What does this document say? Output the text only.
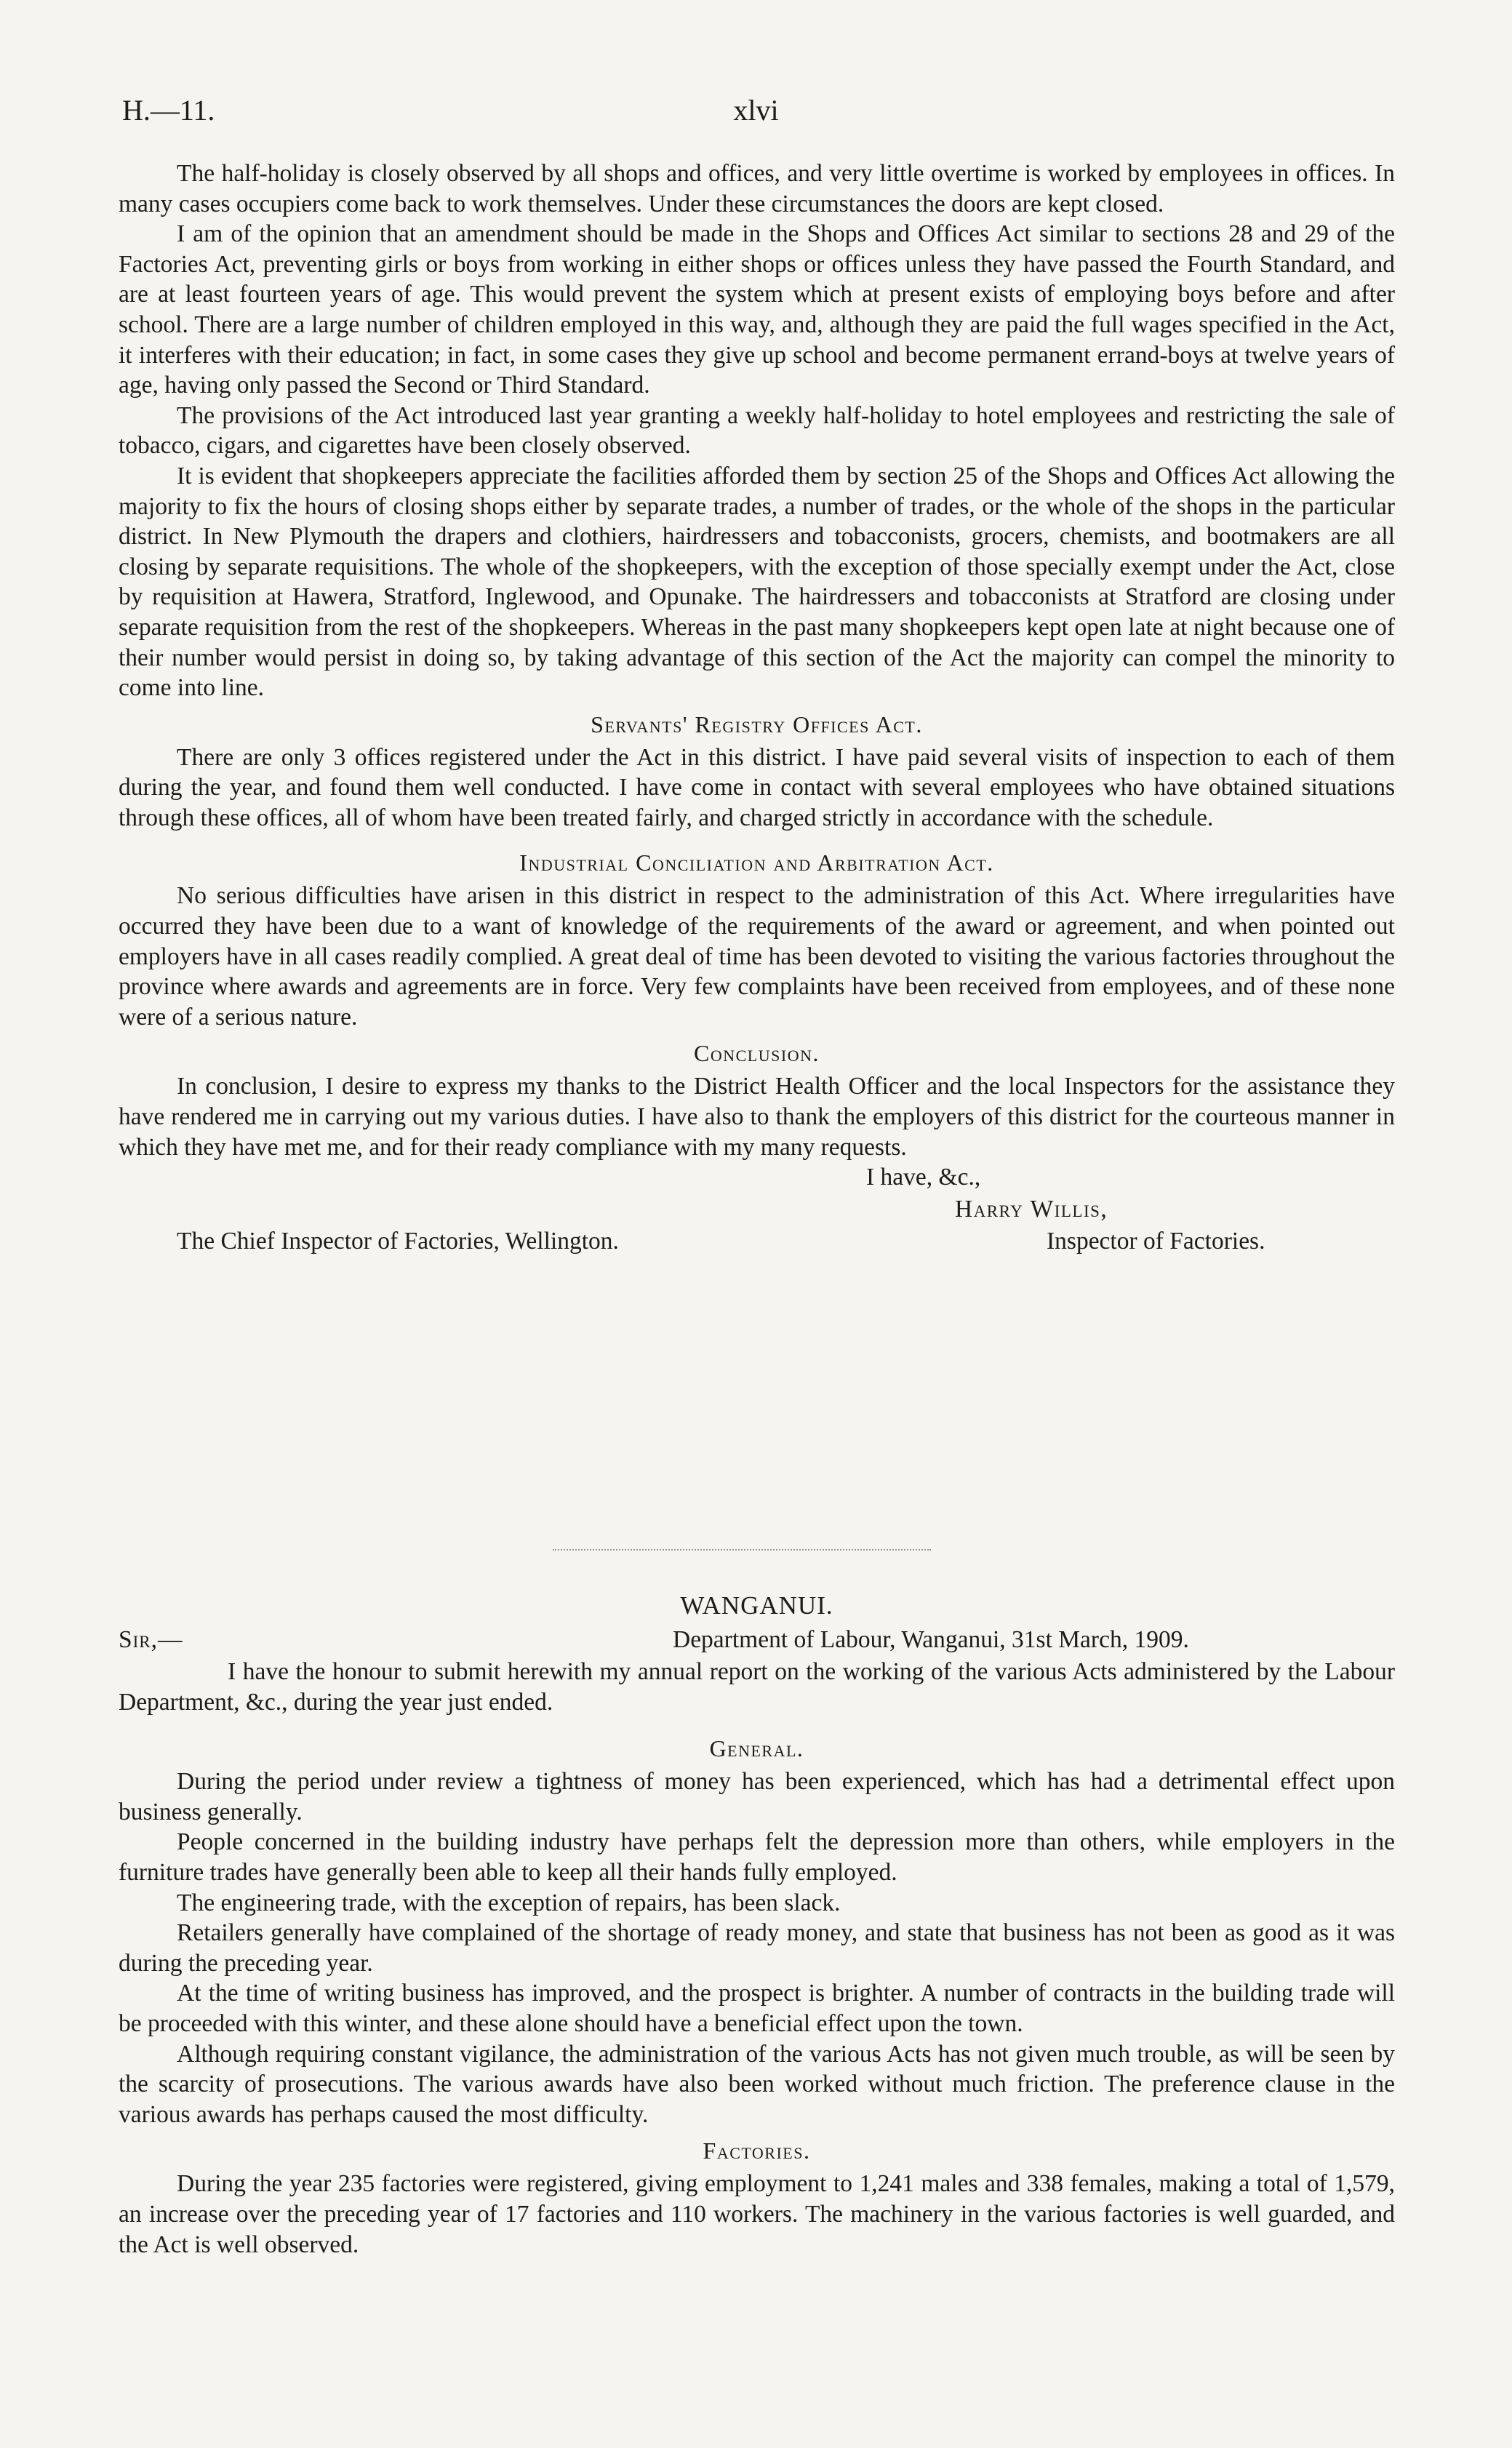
H.—11.	xlvi

The half-holiday is closely observed by all shops and offices, and very little overtime is worked by employees in offices. In many cases occupiers come back to work themselves. Under these circumstances the doors are kept closed.

I am of the opinion that an amendment should be made in the Shops and Offices Act similar to sections 28 and 29 of the Factories Act, preventing girls or boys from working in either shops or offices unless they have passed the Fourth Standard, and are at least fourteen years of age. This would prevent the system which at present exists of employing boys before and after school. There are a large number of children employed in this way, and, although they are paid the full wages specified in the Act, it interferes with their education; in fact, in some cases they give up school and become permanent errand-boys at twelve years of age, having only passed the Second or Third Standard.

The provisions of the Act introduced last year granting a weekly half-holiday to hotel employees and restricting the sale of tobacco, cigars, and cigarettes have been closely observed.

It is evident that shopkeepers appreciate the facilities afforded them by section 25 of the Shops and Offices Act allowing the majority to fix the hours of closing shops either by separate trades, a number of trades, or the whole of the shops in the particular district. In New Plymouth the drapers and clothiers, hairdressers and tobacconists, grocers, chemists, and bootmakers are all closing by separate requisitions. The whole of the shopkeepers, with the exception of those specially exempt under the Act, close by requisition at Hawera, Stratford, Inglewood, and Opunake. The hairdressers and tobacconists at Stratford are closing under separate requisition from the rest of the shopkeepers. Whereas in the past many shopkeepers kept open late at night because one of their number would persist in doing so, by taking advantage of this section of the Act the majority can compel the minority to come into line.

Servants' Registry Offices Act.

There are only 3 offices registered under the Act in this district. I have paid several visits of inspection to each of them during the year, and found them well conducted. I have come in contact with several employees who have obtained situations through these offices, all of whom have been treated fairly, and charged strictly in accordance with the schedule.

Industrial Conciliation and Arbitration Act.

No serious difficulties have arisen in this district in respect to the administration of this Act. Where irregularities have occurred they have been due to a want of knowledge of the requirements of the award or agreement, and when pointed out employers have in all cases readily complied. A great deal of time has been devoted to visiting the various factories throughout the province where awards and agreements are in force. Very few complaints have been received from employees, and of these none were of a serious nature.

Conclusion.

In conclusion, I desire to express my thanks to the District Health Officer and the local Inspectors for the assistance they have rendered me in carrying out my various duties. I have also to thank the employers of this district for the courteous manner in which they have met me, and for their ready compliance with my many requests.

I have, &c.,
Harry Willis,
The Chief Inspector of Factories, Wellington.	Inspector of Factories.
WANGANUI.
Sir,—	Department of Labour, Wanganui, 31st March, 1909.

I have the honour to submit herewith my annual report on the working of the various Acts administered by the Labour Department, &c., during the year just ended.

General.

During the period under review a tightness of money has been experienced, which has had a detrimental effect upon business generally.

People concerned in the building industry have perhaps felt the depression more than others, while employers in the furniture trades have generally been able to keep all their hands fully employed.

The engineering trade, with the exception of repairs, has been slack.

Retailers generally have complained of the shortage of ready money, and state that business has not been as good as it was during the preceding year.

At the time of writing business has improved, and the prospect is brighter. A number of contracts in the building trade will be proceeded with this winter, and these alone should have a beneficial effect upon the town.

Although requiring constant vigilance, the administration of the various Acts has not given much trouble, as will be seen by the scarcity of prosecutions. The various awards have also been worked without much friction. The preference clause in the various awards has perhaps caused the most difficulty.

Factories.

During the year 235 factories were registered, giving employment to 1,241 males and 338 females, making a total of 1,579, an increase over the preceding year of 17 factories and 110 workers. The machinery in the various factories is well guarded, and the Act is well observed.
